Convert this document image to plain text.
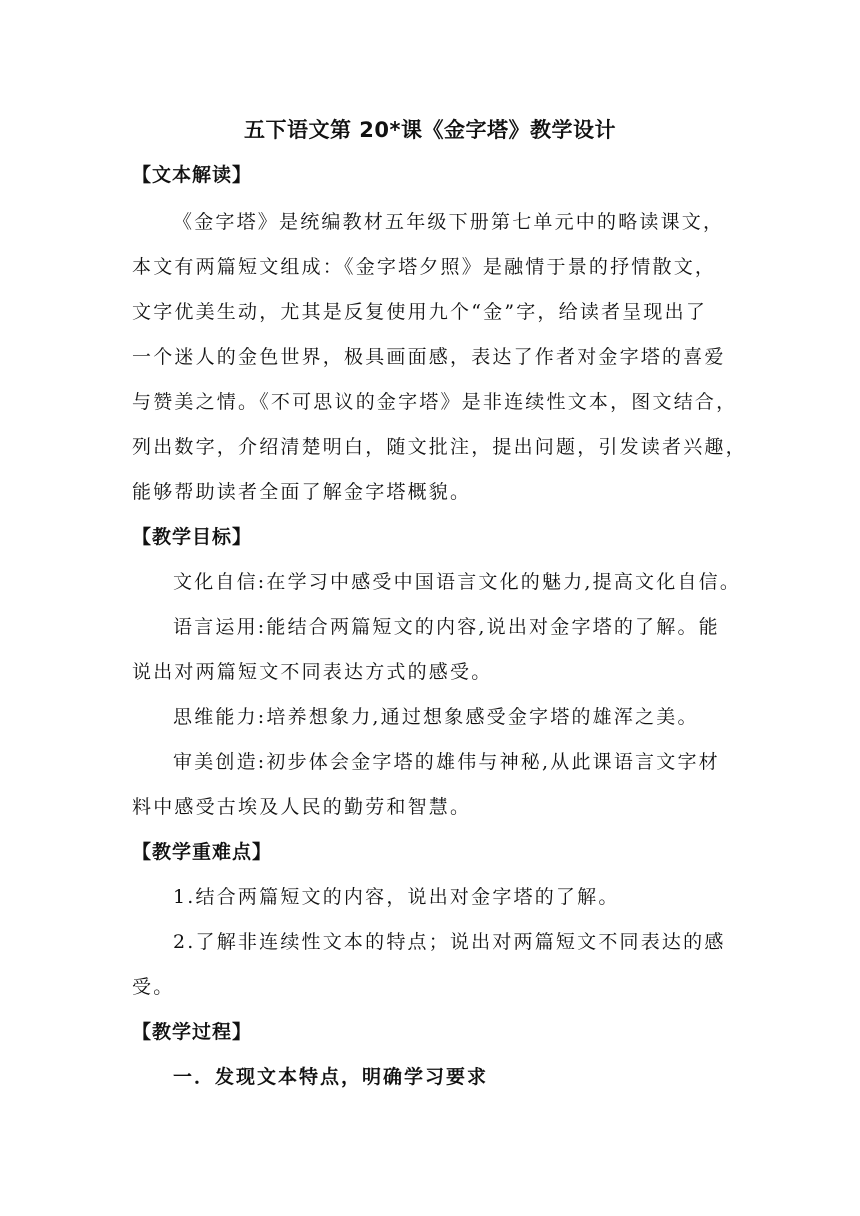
五下语文第 20*课《金字塔》教学设计
【文本解读】
《金字塔》是统编教材五年级下册第七单元中的略读课文，
本文有两篇短文组成：《金字塔夕照》是融情于景的抒情散文，
文字优美生动，尤其是反复使用九个“金”字，给读者呈现出了
一个迷人的金色世界，极具画面感，表达了作者对金字塔的喜爱
与赞美之情。《不可思议的金字塔》是非连续性文本，图文结合，
列出数字，介绍清楚明白，随文批注，提出问题，引发读者兴趣，
能够帮助读者全面了解金字塔概貌。
【教学目标】
文化自信:在学习中感受中国语言文化的魅力,提高文化自信。
语言运用:能结合两篇短文的内容,说出对金字塔的了解。能
说出对两篇短文不同表达方式的感受。
思维能力:培养想象力,通过想象感受金字塔的雄浑之美。
审美创造:初步体会金字塔的雄伟与神秘,从此课语言文字材
料中感受古埃及人民的勤劳和智慧。
【教学重难点】
1.结合两篇短文的内容，说出对金字塔的了解。
2.了解非连续性文本的特点；说出对两篇短文不同表达的感
受。
【教学过程】
一．发现文本特点，明确学习要求
